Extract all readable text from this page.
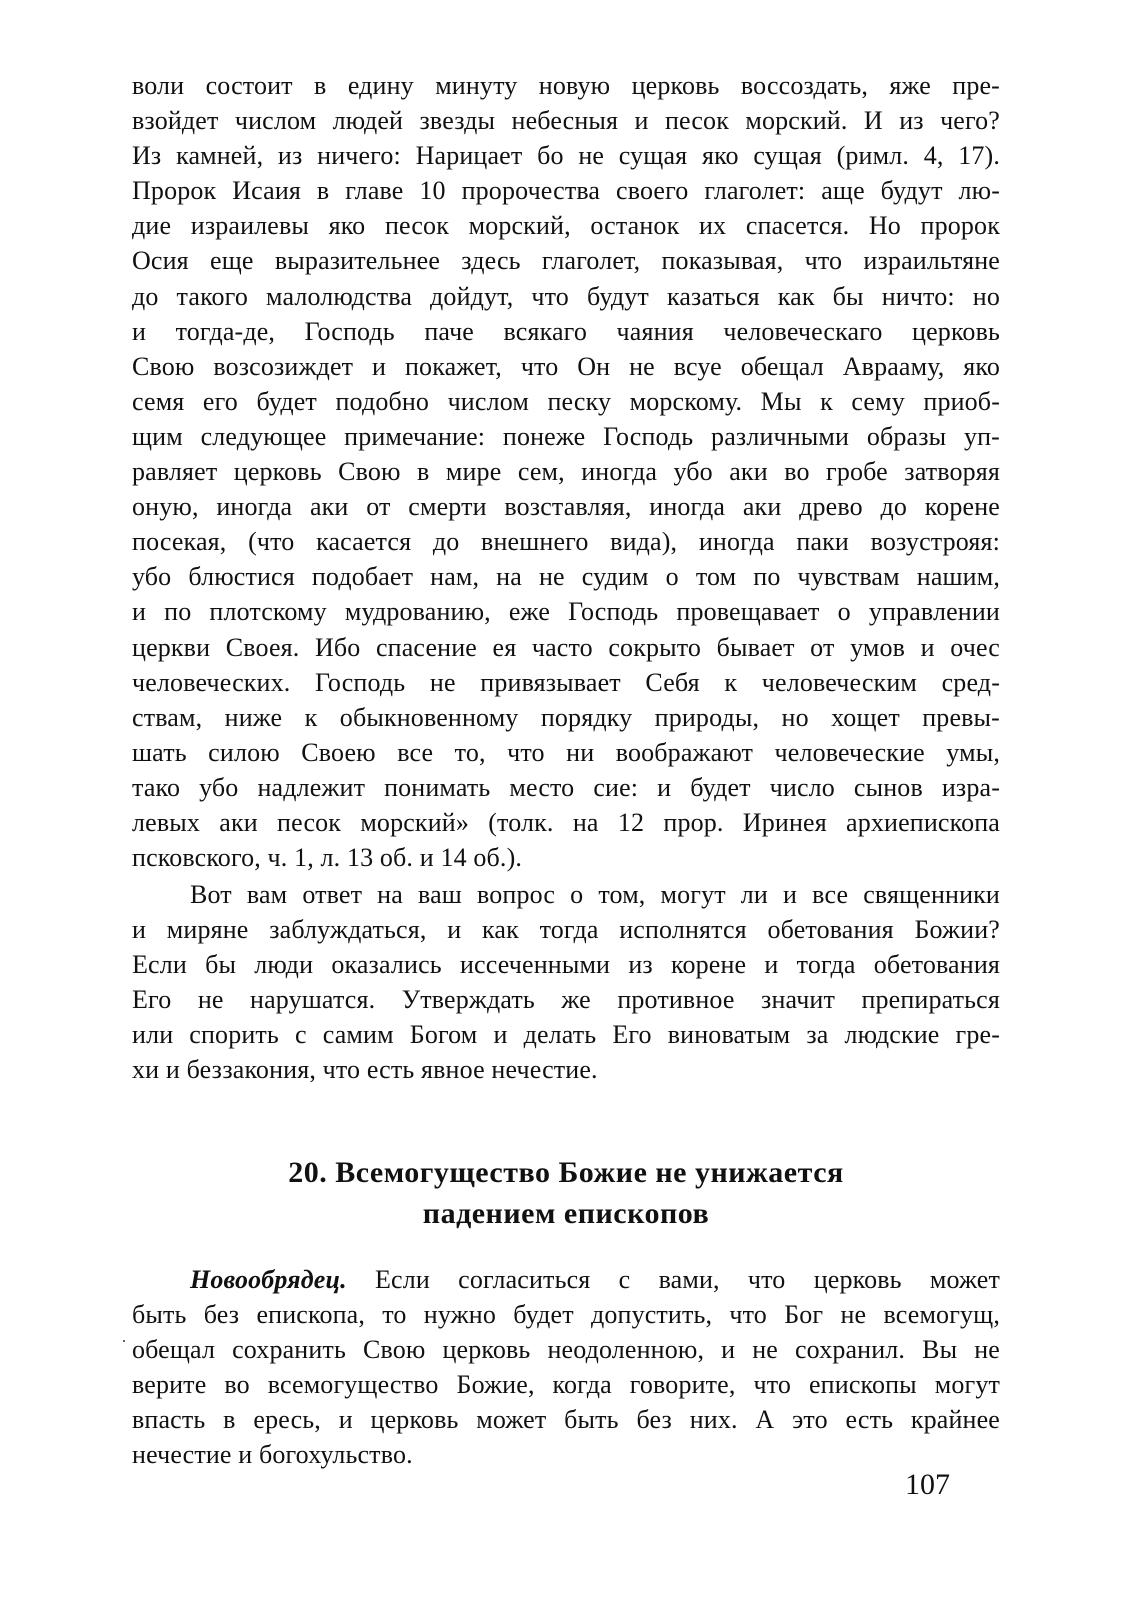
воли состоит в едину минуту новую церковь воссоздать, яже пре-
взойдет числом людей звезды небесныя и песок морский. И из чего?
Из камней, из ничего: Нарицает бо не сущая яко сущая (римл. 4, 17).
Пророк Исаия в главе 10 пророчества своего глаголет: аще будут лю-
дие израилевы яко песок морский, останок их спасется. Но пророк
Осия еще выразительнее здесь глаголет, показывая, что израильтяне
до такого малолюдства дойдут, что будут казаться как бы ничто: но
и тогда-де, Господь паче всякаго чаяния человеческаго церковь
Свою возсозиждет и покажет, что Он не всуе обещал Аврааму, яко
семя его будет подобно числом песку морскому. Мы к сему приоб-
щим следующее примечание: понеже Господь различными образы уп-
равляет церковь Свою в мире сем, иногда убо аки во гробе затворяя
оную, иногда аки от смерти возставляя, иногда аки древо до корене
посекая, (что касается до внешнего вида), иногда паки возустрояя:
убо блюстися подобает нам, на не судим о том по чувствам нашим,
и по плотскому мудрованию, еже Господь провещавает о управлении
церкви Своея. Ибо спасение ея часто сокрыто бывает от умов и очес
человеческих. Господь не привязывает Себя к человеческим сред-
ствам, ниже к обыкновенному порядку природы, но хощет превы-
шать силою Своею все то, что ни воображают человеческие умы,
тако убо надлежит понимать место сие: и будет число сынов изра-
левых аки песок морский» (толк. на 12 прор. Иринея архиепископа
псковского, ч. 1, л. 13 об. и 14 об.).
Вот вам ответ на ваш вопрос о том, могут ли и все священники
и миряне заблуждаться, и как тогда исполнятся обетования Божии?
Если бы люди оказались иссеченными из корене и тогда обетования
Его не нарушатся. Утверждать же противное значит препираться
или спорить с самим Богом и делать Его виноватым за людские гре-
хи и беззакония, что есть явное нечестие.
20. Всемогущество Божие не унижается
падением епископов
Новообрядец. Если согласиться с вами, что церковь может
быть без епископа, то нужно будет допустить, что Бог не всемогущ,
обещал сохранить Свою церковь неодоленною, и не сохранил. Вы не
верите во всемогущество Божие, когда говорите, что епископы могут
впасть в ересь, и церковь может быть без них. А это есть крайнее
нечестие и богохульство.
107
